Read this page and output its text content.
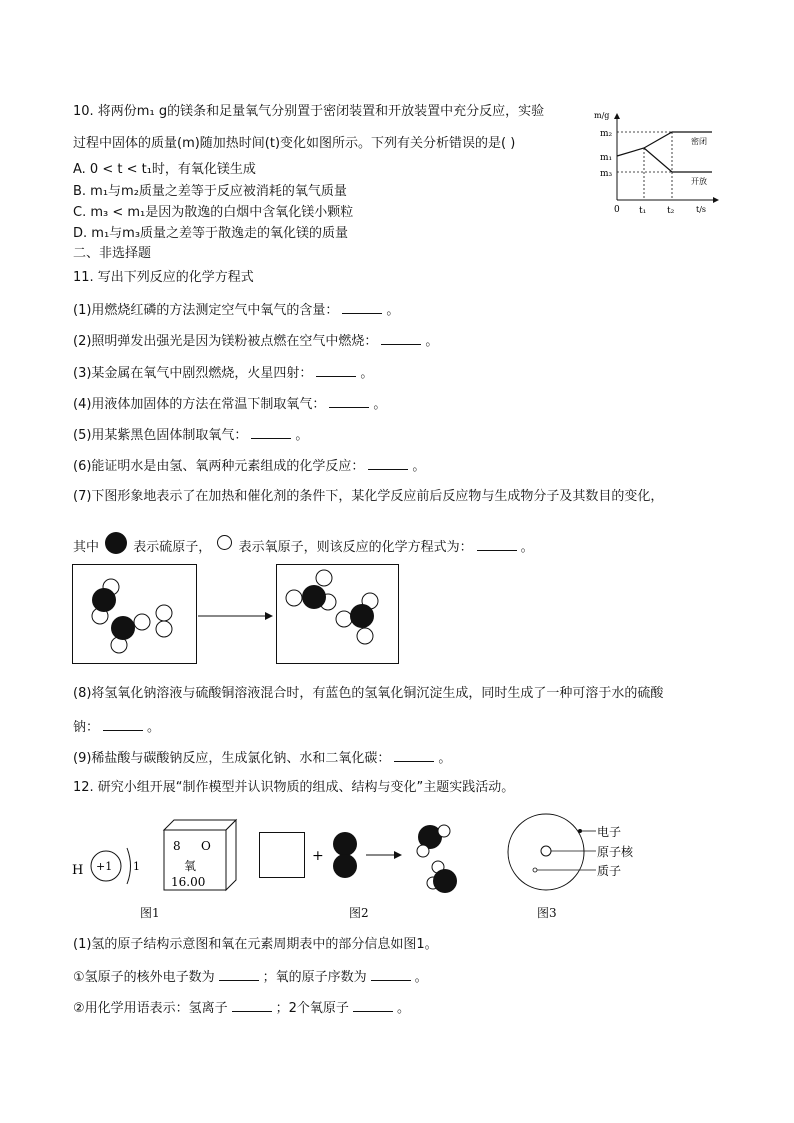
10. 将两份m₁ g的镁条和足量氧气分别置于密闭装置和开放装置中充分反应，实验
过程中固体的质量(m)随加热时间(t)变化如图所示。下列有关分析错误的是( )
A. 0 < t < t₁时，有氧化镁生成
B. m₁与m₂质量之差等于反应被消耗的氧气质量
C. m₃ < m₁是因为散逸的白烟中含氧化镁小颗粒
D. m₁与m₃质量之差等于散逸走的氧化镁的质量
m/g
t/s
m₂
m₁
m₃
0 t₁ t₂
密闭
开放
二、非选择题
11. 写出下列反应的化学方程式
(1)用燃烧红磷的方法测定空气中氧气的含量：	。
(2)照明弹发出强光是因为镁粉被点燃在空气中燃烧：	。
(3)某金属在氧气中剧烈燃烧，火星四射：	。
(4)用液体加固体的方法在常温下制取氧气：	。
(5)用某紫黑色固体制取氧气：	。
(6)能证明水是由氢、氧两种元素组成的化学反应：	。
(7)下图形象地表示了在加热和催化剂的条件下，某化学反应前后反应物与生成物分子及其数目的变化，
其中	表示硫原子， 表示氧原子，则该反应的化学方程式为：	。
(8)将氢氧化钠溶液与硫酸铜溶液混合时，有蓝色的氢氧化铜沉淀生成，同时生成了一种可溶于水的硫酸
钠：	。
(9)稀盐酸与碳酸钠反应，生成氯化钠、水和二氧化碳：	。
12. 研究小组开展“制作模型并认识物质的组成、结构与变化”主题实践活动。
H +1 1
8 O
氧
16.00
图1
+
图2
电子
原子核
质子
图3
(1)氢的原子结构示意图和氧在元素周期表中的部分信息如图1。
①氢原子的核外电子数为	；氧的原子序数为	。
②用化学用语表示：氢离子	；2个氧原子	。
